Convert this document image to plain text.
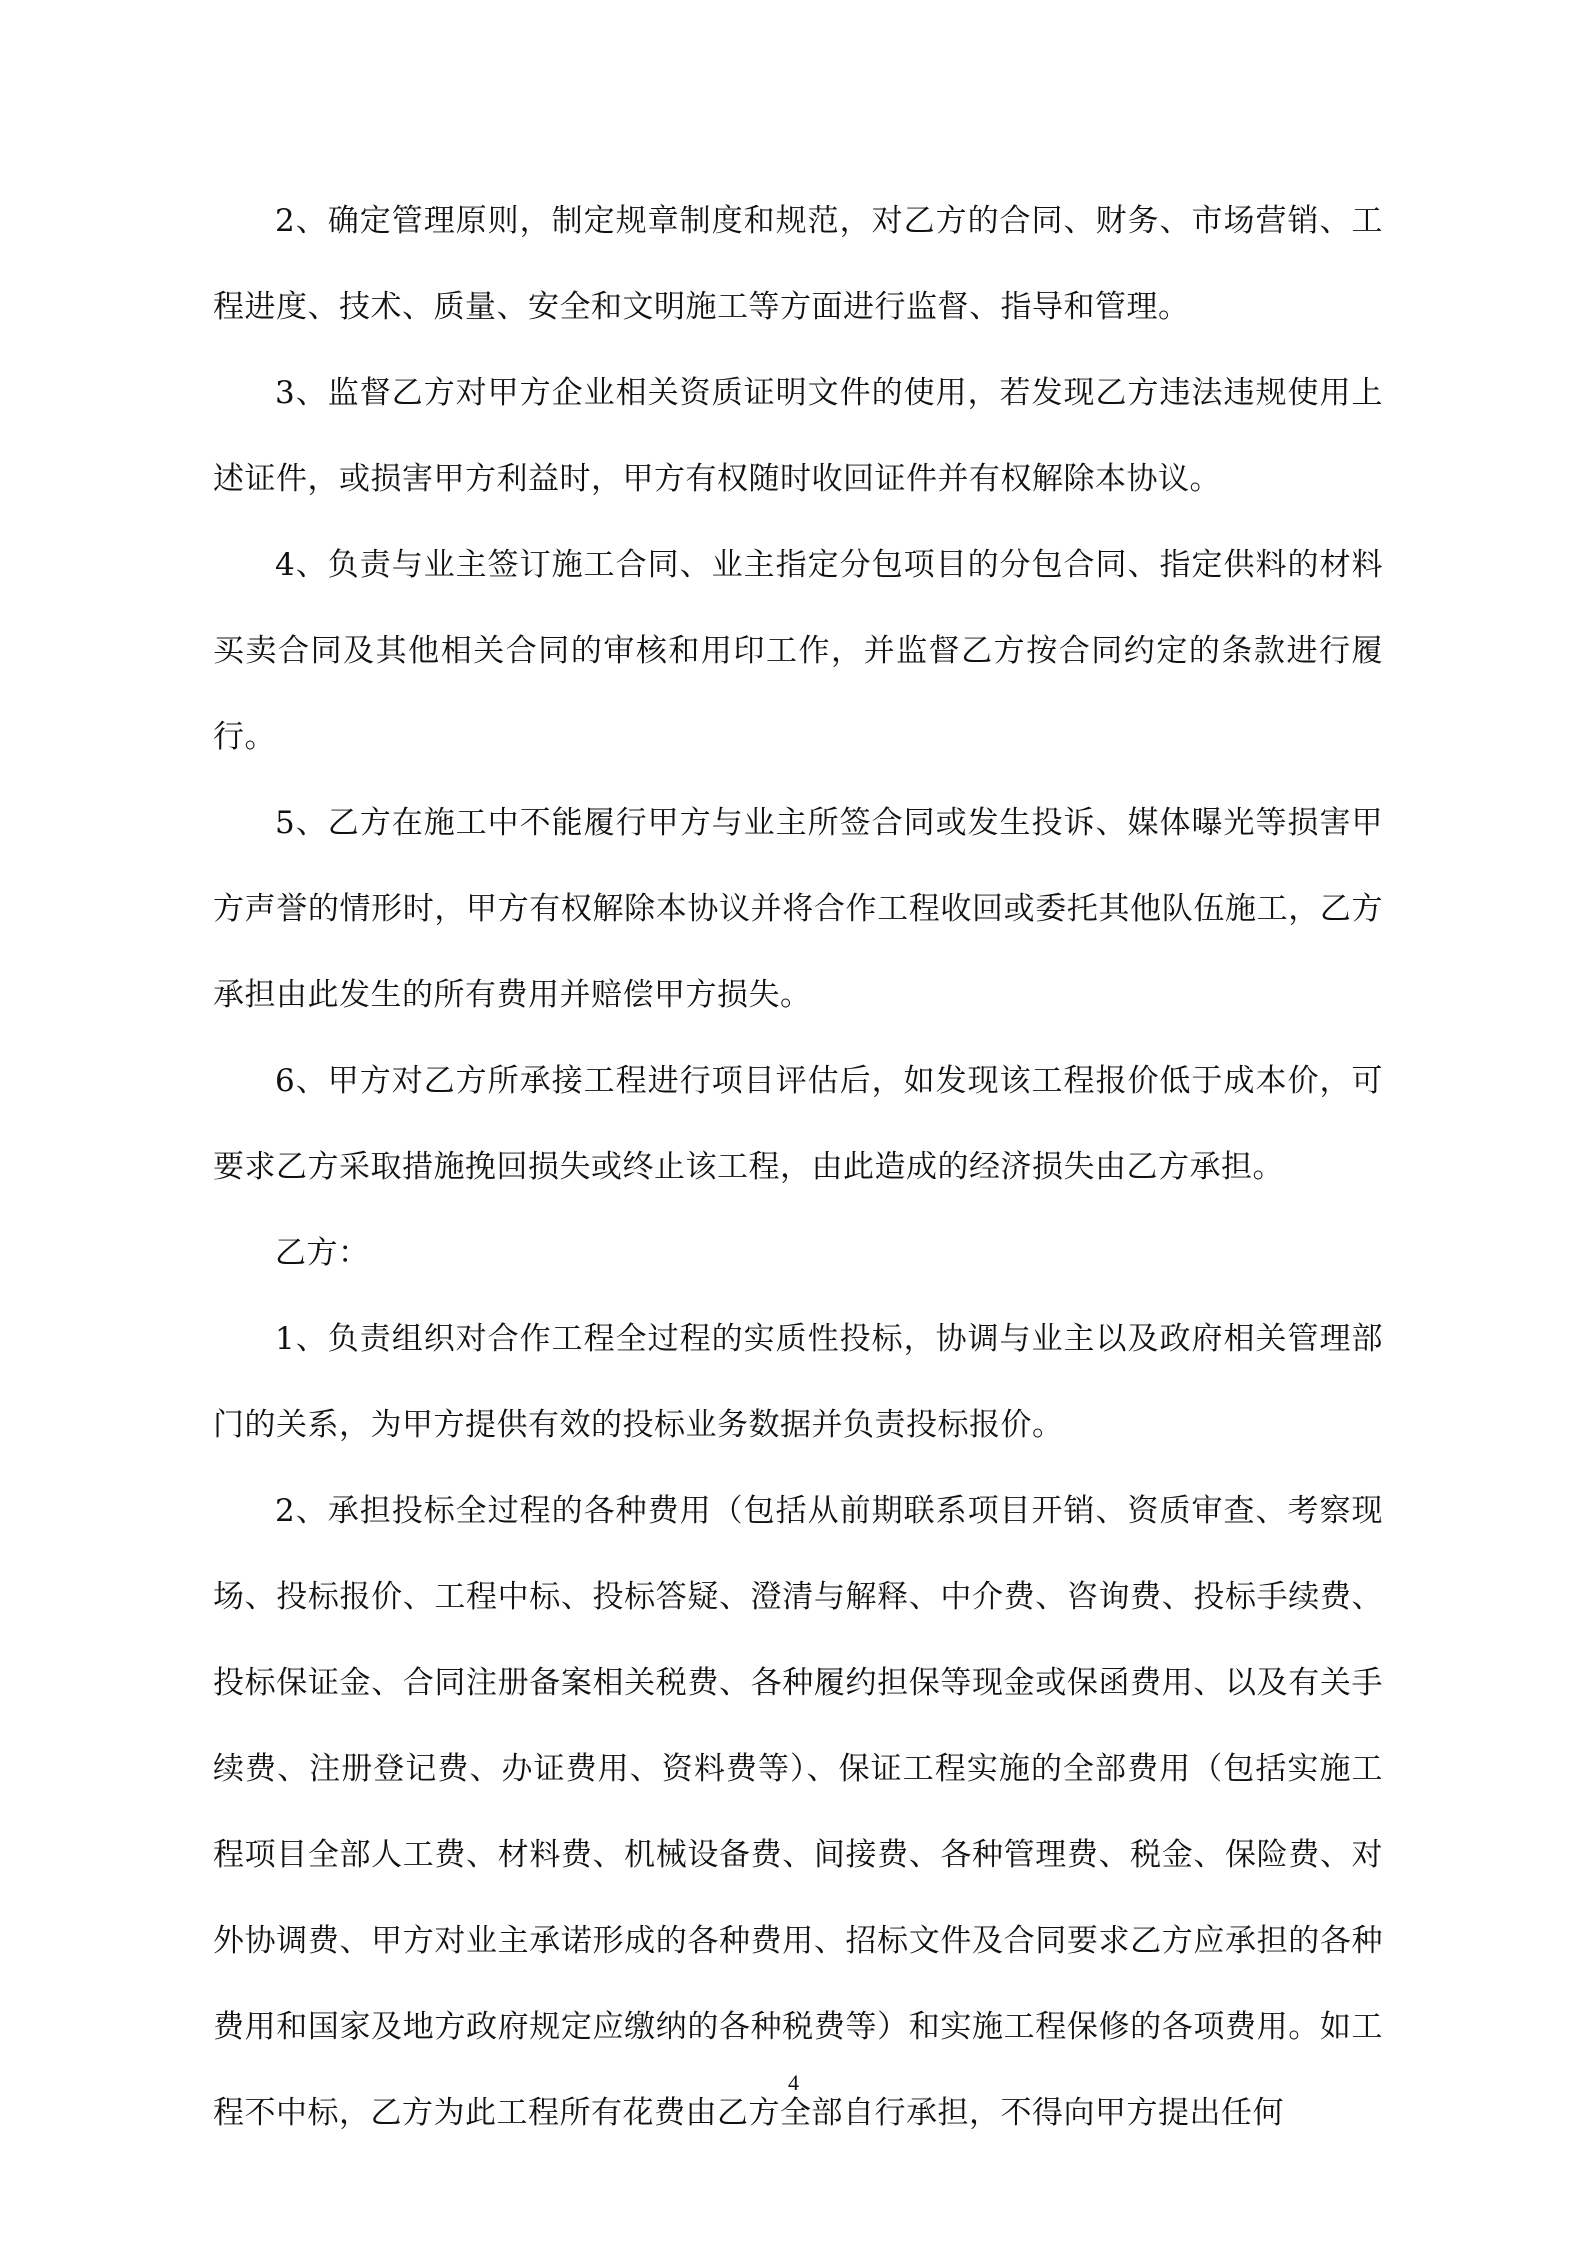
2、确定管理原则，制定规章制度和规范，对乙方的合同、财务、市场营销、工程进度、技术、质量、安全和文明施工等方面进行监督、指导和管理。

3、监督乙方对甲方企业相关资质证明文件的使用，若发现乙方违法违规使用上述证件，或损害甲方利益时，甲方有权随时收回证件并有权解除本协议。

4、负责与业主签订施工合同、业主指定分包项目的分包合同、指定供料的材料买卖合同及其他相关合同的审核和用印工作，并监督乙方按合同约定的条款进行履行。

5、乙方在施工中不能履行甲方与业主所签合同或发生投诉、媒体曝光等损害甲方声誉的情形时，甲方有权解除本协议并将合作工程收回或委托其他队伍施工，乙方承担由此发生的所有费用并赔偿甲方损失。

6、甲方对乙方所承接工程进行项目评估后，如发现该工程报价低于成本价，可要求乙方采取措施挽回损失或终止该工程，由此造成的经济损失由乙方承担。

乙方：

1、负责组织对合作工程全过程的实质性投标，协调与业主以及政府相关管理部门的关系，为甲方提供有效的投标业务数据并负责投标报价。

2、承担投标全过程的各种费用（包括从前期联系项目开销、资质审查、考察现场、投标报价、工程中标、投标答疑、澄清与解释、中介费、咨询费、投标手续费、投标保证金、合同注册备案相关税费、各种履约担保等现金或保函费用、以及有关手续费、注册登记费、办证费用、资料费等）、保证工程实施的全部费用（包括实施工程项目全部人工费、材料费、机械设备费、间接费、各种管理费、税金、保险费、对外协调费、甲方对业主承诺形成的各种费用、招标文件及合同要求乙方应承担的各种费用和国家及地方政府规定应缴纳的各种税费等）和实施工程保修的各项费用。如工程不中标，乙方为此工程所有花费由乙方全部自行承担，不得向甲方提出任何

4
